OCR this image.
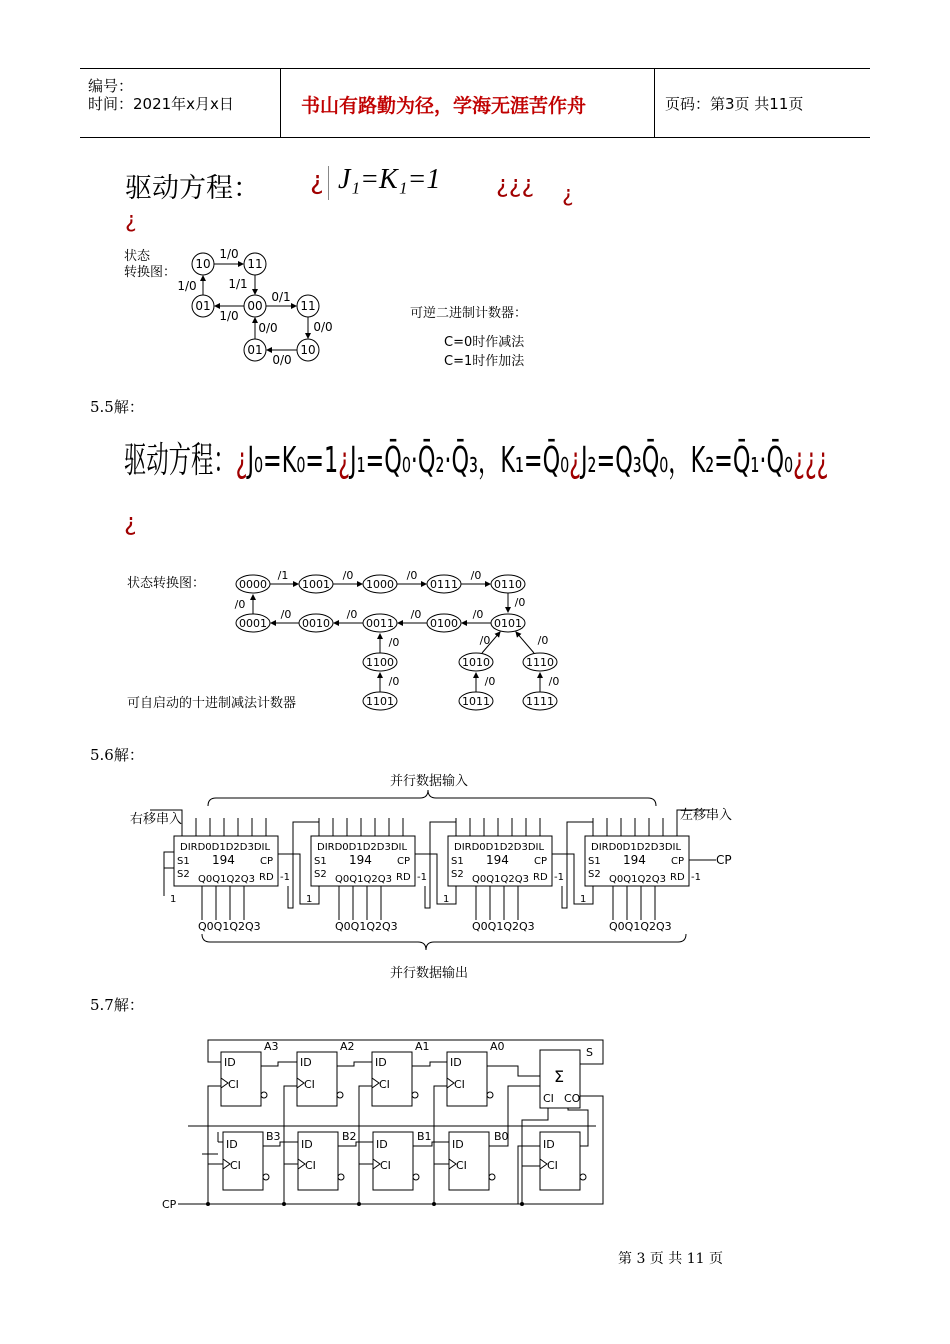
编号：
时间：2021年x月x日	书山有路勤为径，学海无涯苦作舟	页码：第3页 共11页
驱动方程： ¿ J₁=K₁=1 ¿¿¿ ¿
¿
状态
转换图：
10	11
00
01	11
01	10
1/0
1/0	1/1
1/0
0/1
0/0
0/0
0/0
可逆二进制计数器：
C=0时作减法
C=1时作加法
5.5解：
驱动方程：¿J₀=K₀=1¿J₁=Q̄₀·Q̄₂·Q̄₃，K₁=Q̄₀¿J₂=Q₃Q̄₀，K₂=Q̄₁·Q̄₀¿¿¿
¿
状态转换图：	0000	1001	1000	0111	0110
0001	0010	0011	0100	0101
1100	1010	1110
1101	1011	1111
/1	/0	/0	/0
/0
/0
/0
/0
/0
/0
/0	/0	/0
/0	/0	/0
可自启动的十进制减法计数器
5.6解：
并行数据输入
并行数据输出
右移串入	左移串入
DIRD0D1D2D3DIL	DIRD0D1D2D3DIL	DIRD0D1D2D3DIL	DIRD0D1D2D3DIL
194	194	194	194
S1	S1	S1	S1
S2	S2	S2	S2
CP	CP	CP	CP
RD	RD	RD	RD
Q0Q1Q2Q3	Q0Q1Q2Q3	Q0Q1Q2Q3	Q0Q1Q2Q3
-1	-1	-1	-1
1	1	1	1
CP
Q0Q1Q2Q3	Q0Q1Q2Q3	Q0Q1Q2Q3	Q0Q1Q2Q3
5.7解：
ID	ID	ID	ID
CI	CI	CI	CI
ID	ID	ID	ID	ID
CI	CI	CI	CI	CI
A3	A2	A1	A0
B3	B2	B1	B0
Σ
CI CO
S
CP
第 3 页 共 11 页
